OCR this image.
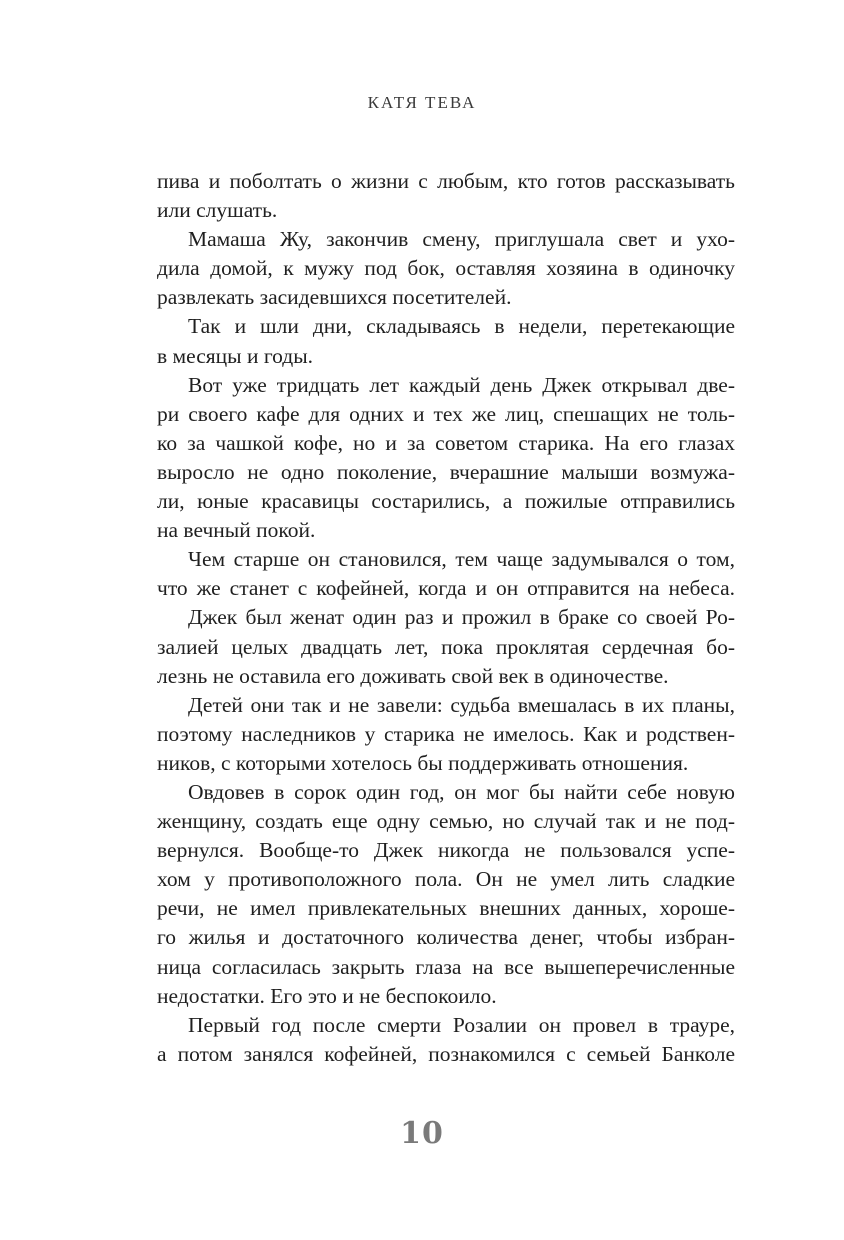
КАТЯ ТЕВА
пива и поболтать о жизни с любым, кто готов рассказывать
или слушать.
Мамаша Жу, закончив смену, приглушала свет и ухо-
дила домой, к мужу под бок, оставляя хозяина в одиночку
развлекать засидевшихся посетителей.
Так и шли дни, складываясь в недели, перетекающие
в месяцы и годы.
Вот уже тридцать лет каждый день Джек открывал две-
ри своего кафе для одних и тех же лиц, спешащих не толь-
ко за чашкой кофе, но и за советом старика. На его глазах
выросло не одно поколение, вчерашние малыши возмужа-
ли, юные красавицы состарились, а пожилые отправились
на вечный покой.
Чем старше он становился, тем чаще задумывался о том,
что же станет с кофейней, когда и он отправится на небеса.
Джек был женат один раз и прожил в браке со своей Ро-
залией целых двадцать лет, пока проклятая сердечная бо-
лезнь не оставила его доживать свой век в одиночестве.
Детей они так и не завели: судьба вмешалась в их планы,
поэтому наследников у старика не имелось. Как и родствен-
ников, с которыми хотелось бы поддерживать отношения.
Овдовев в сорок один год, он мог бы найти себе новую
женщину, создать еще одну семью, но случай так и не под-
вернулся. Вообще-то Джек никогда не пользовался успе-
хом у противоположного пола. Он не умел лить сладкие
речи, не имел привлекательных внешних данных, хороше-
го жилья и достаточного количества денег, чтобы избран-
ница согласилась закрыть глаза на все вышеперечисленные
недостатки. Его это и не беспокоило.
Первый год после смерти Розалии он провел в трауре,
а потом занялся кофейней, познакомился с семьей Банколе
10
